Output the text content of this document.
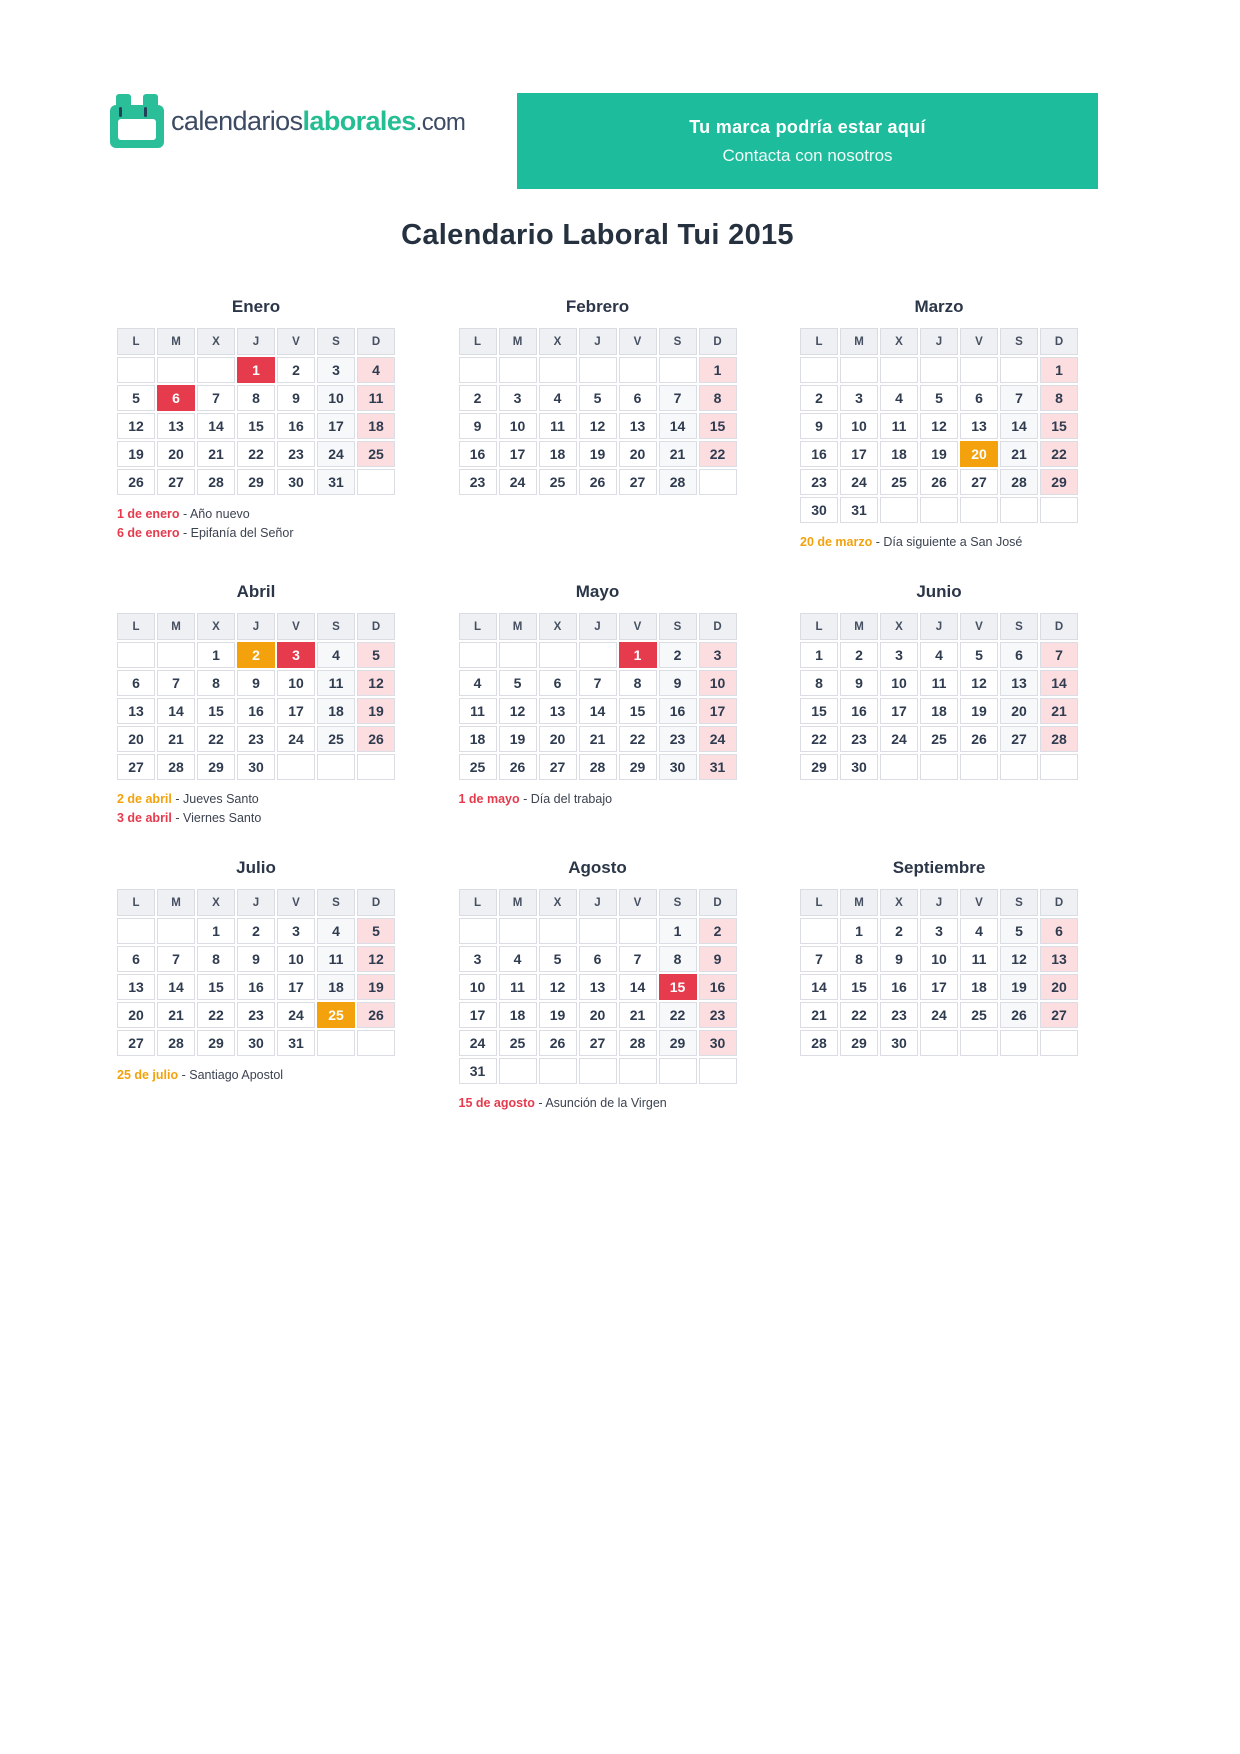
calendarioslaborales.com	Tu marca podría estar aquí
Contacta con nosotros
Calendario Laboral Tui 2015
Enero
L	M	X	J	V	S	D
			1	2	3	4
5	6	7	8	9	10	11
12	13	14	15	16	17	18
19	20	21	22	23	24	25
26	27	28	29	30	31	
1 de enero - Año nuevo
6 de enero - Epifanía del Señor
Febrero
L	M	X	J	V	S	D
						1
2	3	4	5	6	7	8
9	10	11	12	13	14	15
16	17	18	19	20	21	22
23	24	25	26	27	28	
Marzo
L	M	X	J	V	S	D
						1
2	3	4	5	6	7	8
9	10	11	12	13	14	15
16	17	18	19	20	21	22
23	24	25	26	27	28	29
30	31					
20 de marzo - Día siguiente a San José
Abril
L	M	X	J	V	S	D
		1	2	3	4	5
6	7	8	9	10	11	12
13	14	15	16	17	18	19
20	21	22	23	24	25	26
27	28	29	30			
2 de abril - Jueves Santo
3 de abril - Viernes Santo
Mayo
L	M	X	J	V	S	D
				1	2	3
4	5	6	7	8	9	10
11	12	13	14	15	16	17
18	19	20	21	22	23	24
25	26	27	28	29	30	31
1 de mayo - Día del trabajo
Junio
L	M	X	J	V	S	D
1	2	3	4	5	6	7
8	9	10	11	12	13	14
15	16	17	18	19	20	21
22	23	24	25	26	27	28
29	30					
Julio
L	M	X	J	V	S	D
		1	2	3	4	5
6	7	8	9	10	11	12
13	14	15	16	17	18	19
20	21	22	23	24	25	26
27	28	29	30	31		
25 de julio - Santiago Apostol
Agosto
L	M	X	J	V	S	D
					1	2
3	4	5	6	7	8	9
10	11	12	13	14	15	16
17	18	19	20	21	22	23
24	25	26	27	28	29	30
31						
15 de agosto - Asunción de la Virgen
Septiembre
L	M	X	J	V	S	D
	1	2	3	4	5	6
7	8	9	10	11	12	13
14	15	16	17	18	19	20
21	22	23	24	25	26	27
28	29	30				
